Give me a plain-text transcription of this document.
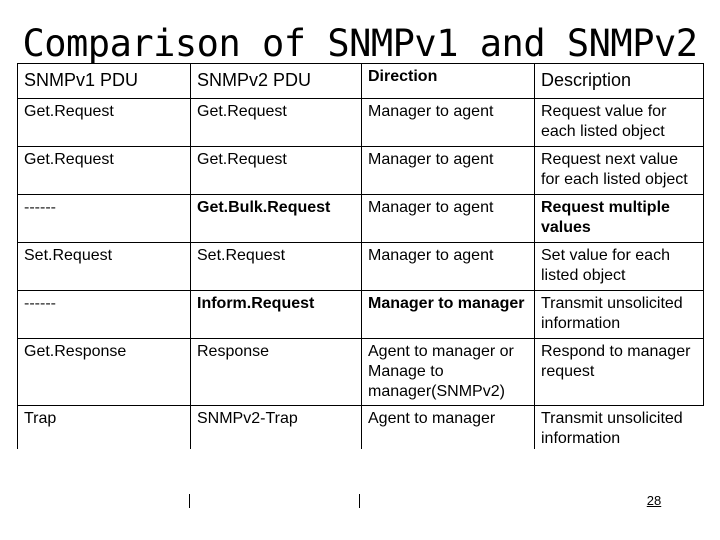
Comparison of SNMPv1 and SNMPv2
SNMPv1 PDU	SNMPv2 PDU	Direction	Description
Get.Request	Get.Request	Manager to agent	Request value for each listed object
Get.Request	Get.Request	Manager to agent	Request next value for each listed object
------	Get.Bulk.Request	Manager to agent	Request multiple values
Set.Request	Set.Request	Manager to agent	Set value for each listed object
------	Inform.Request	Manager to manager	Transmit unsolicited information
Get.Response	Response	Agent to manager or Manage to manager(SNMPv2)	Respond to manager request
Trap	SNMPv2-Trap	Agent to manager	Transmit unsolicited information
28
